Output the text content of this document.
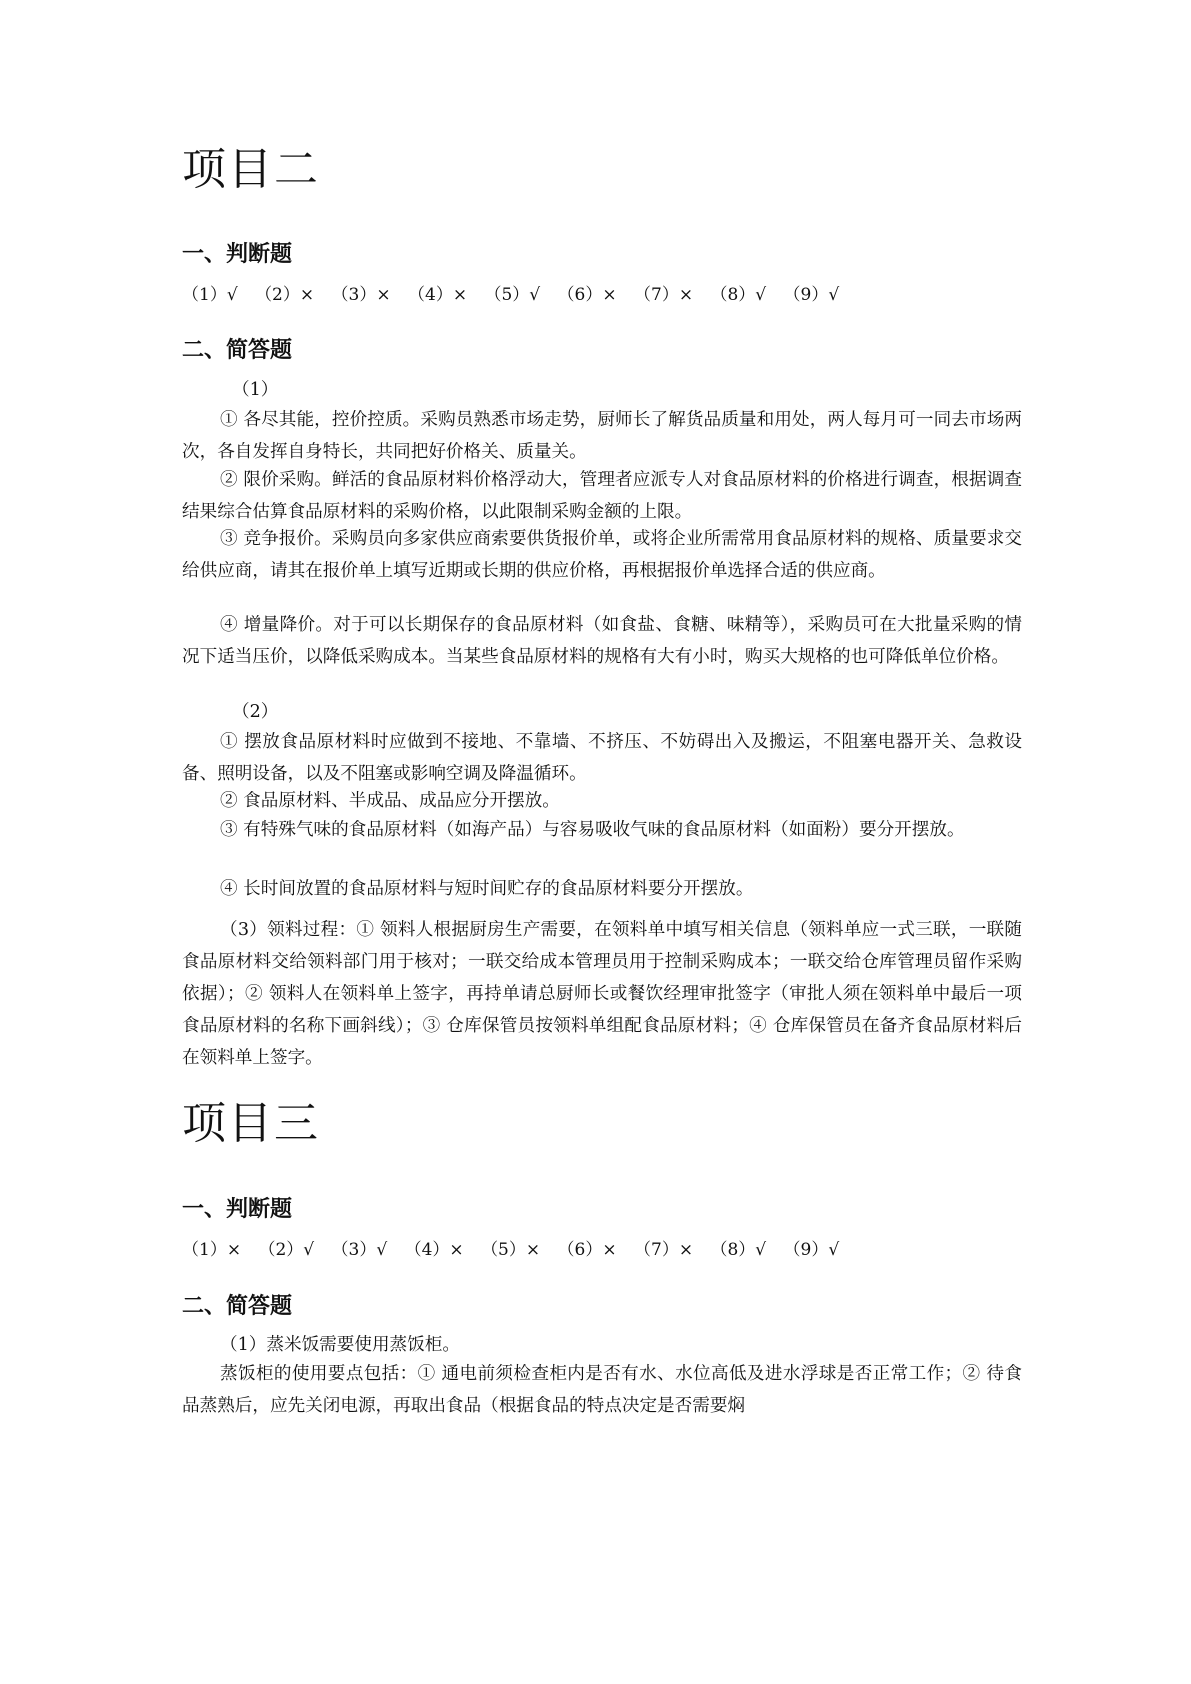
项目二
一、判断题
（1）√ （2）× （3）× （4）× （5）√ （6）× （7）× （8）√ （9）√
二、简答题

（1）

① 各尽其能，控价控质。采购员熟悉市场走势，厨师长了解货品质量和用处，两人每月可一同去市场两次，各自发挥自身特长，共同把好价格关、质量关。

② 限价采购。鲜活的食品原材料价格浮动大，管理者应派专人对食品原材料的价格进行调查，根据调查结果综合估算食品原材料的采购价格，以此限制采购金额的上限。

③ 竞争报价。采购员向多家供应商索要供货报价单，或将企业所需常用食品原材料的规格、质量要求交给供应商，请其在报价单上填写近期或长期的供应价格，再根据报价单选择合适的供应商。

④ 增量降价。对于可以长期保存的食品原材料（如食盐、食糖、味精等），采购员可在大批量采购的情况下适当压价，以降低采购成本。当某些食品原材料的规格有大有小时，购买大规格的也可降低单位价格。

（2）

① 摆放食品原材料时应做到不接地、不靠墙、不挤压、不妨碍出入及搬运，不阻塞电器开关、急救设备、照明设备，以及不阻塞或影响空调及降温循环。

② 食品原材料、半成品、成品应分开摆放。

③ 有特殊气味的食品原材料（如海产品）与容易吸收气味的食品原材料（如面粉）要分开摆放。

④ 长时间放置的食品原材料与短时间贮存的食品原材料要分开摆放。

（3）领料过程：① 领料人根据厨房生产需要，在领料单中填写相关信息（领料单应一式三联，一联随食品原材料交给领料部门用于核对；一联交给成本管理员用于控制采购成本；一联交给仓库管理员留作采购依据）；② 领料人在领料单上签字，再持单请总厨师长或餐饮经理审批签字（审批人须在领料单中最后一项食品原材料的名称下画斜线）；③ 仓库保管员按领料单组配食品原材料；④ 仓库保管员在备齐食品原材料后在领料单上签字。

项目三
一、判断题
（1）× （2）√ （3）√ （4）× （5）× （6）× （7）× （8）√ （9）√
二、简答题

（1）蒸米饭需要使用蒸饭柜。

蒸饭柜的使用要点包括：① 通电前须检查柜内是否有水、水位高低及进水浮球是否正常工作；② 待食品蒸熟后，应先关闭电源，再取出食品（根据食品的特点决定是否需要焖
